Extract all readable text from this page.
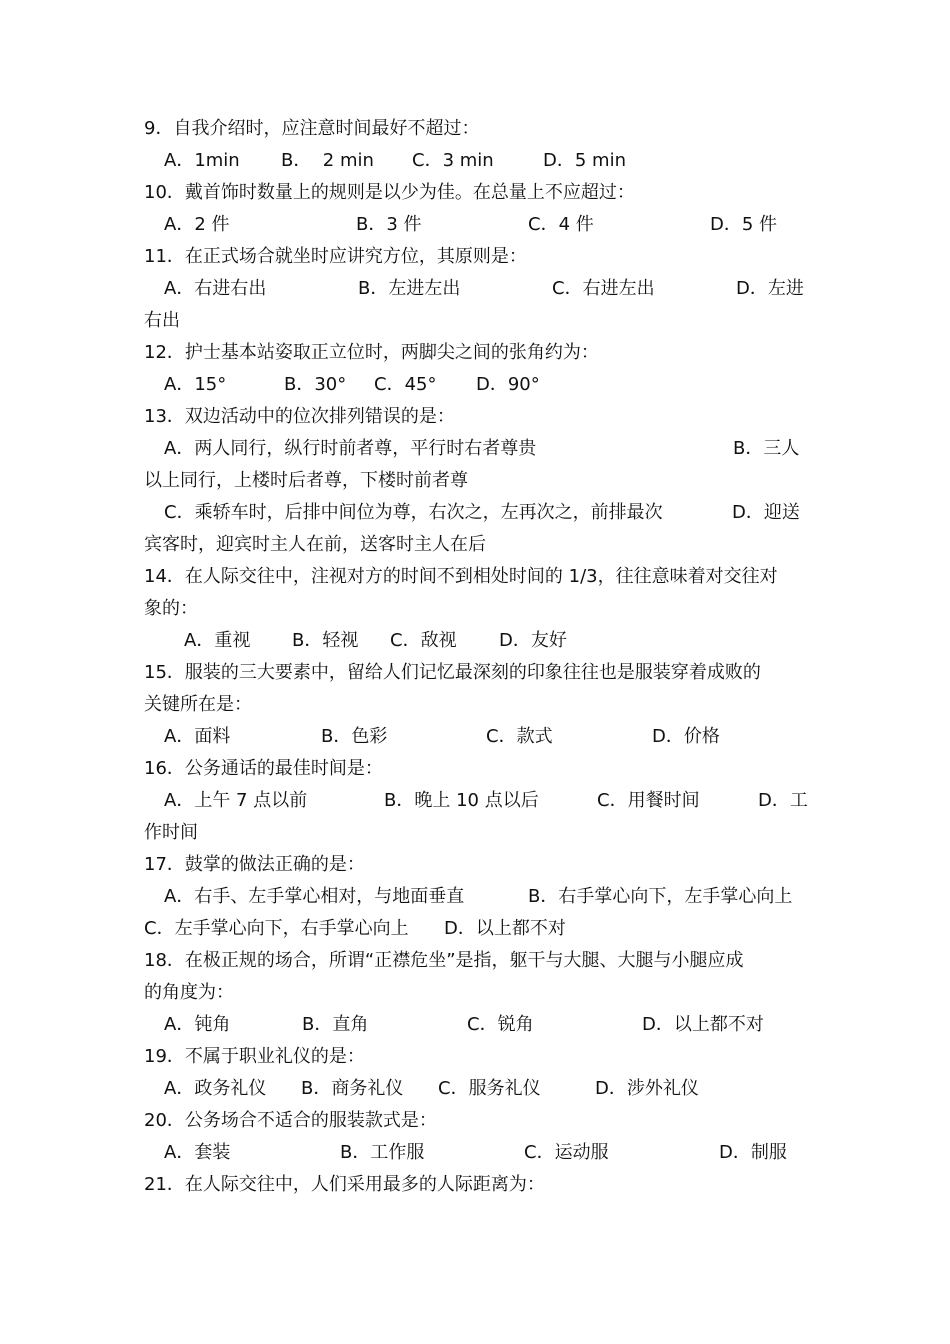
9．自我介绍时，应注意时间最好不超过：
A．1min B．  2 min C．3 min	D．5 min
10．戴首饰时数量上的规则是以少为佳。在总量上不应超过：
A．2 件	B．3 件	C．4 件	D．5 件
11．在正式场合就坐时应讲究方位，其原则是：
A．右进右出	B．左进左出	C．右进左出	D．左进
右出
12．护士基本站姿取正立位时，两脚尖之间的张角约为：
A．15°	B．30° C．45° D．90°
13．双边活动中的位次排列错误的是：
A．两人同行，纵行时前者尊，平行时右者尊贵	B．三人
以上同行，上楼时后者尊，下楼时前者尊
C．乘轿车时，后排中间位为尊，右次之，左再次之，前排最次	D．迎送
宾客时，迎宾时主人在前，送客时主人在后
14．在人际交往中，注视对方的时间不到相处时间的 1/3，往往意味着对交往对
象的：
A．重视 B．轻视 C．敌视 D．友好
15．服装的三大要素中，留给人们记忆最深刻的印象往往也是服装穿着成败的
关键所在是：
A．面料	B．色彩	C．款式	D．价格
16．公务通话的最佳时间是：
A．上午 7 点以前	B．晚上 10 点以后	C．用餐时间	D．工
作时间
17．鼓掌的做法正确的是：
A．右手、左手掌心相对，与地面垂直	B．右手掌心向下，左手掌心向上
C．左手掌心向下，右手掌心向上 D．以上都不对
18．在极正规的场合，所谓“正襟危坐”是指，躯干与大腿、大腿与小腿应成
的角度为：
A．钝角	B．直角	C．锐角	D．以上都不对
19．不属于职业礼仪的是：
A．政务礼仪 B．商务礼仪 C．服务礼仪	D．涉外礼仪
20．公务场合不适合的服装款式是：
A．套装	B．工作服	C．运动服	D．制服
21．在人际交往中，人们采用最多的人际距离为：
